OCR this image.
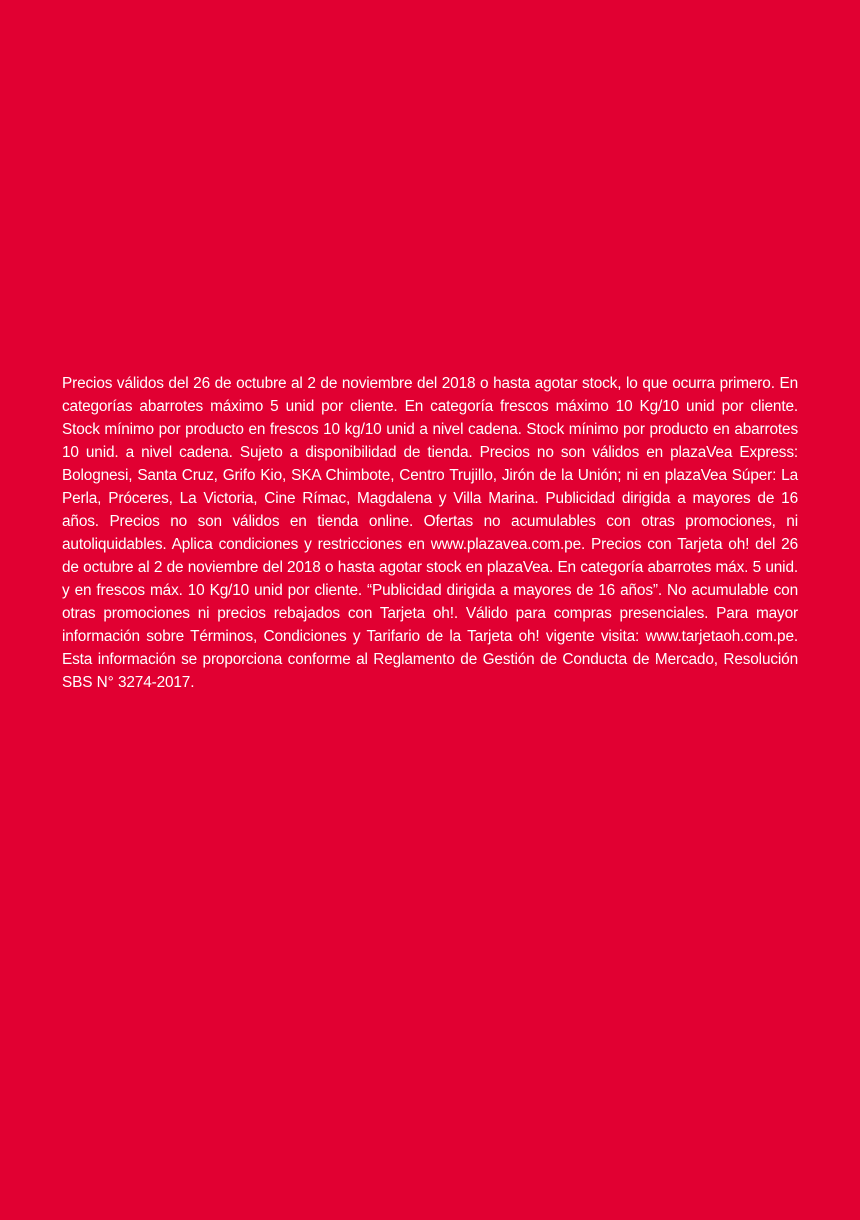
Precios válidos del 26 de octubre al 2 de noviembre del 2018 o hasta agotar stock, lo que ocurra primero. En categorías abarrotes máximo 5 unid por cliente. En categoría frescos máximo 10 Kg/10 unid por cliente. Stock mínimo por producto en frescos 10 kg/10 unid a nivel cadena. Stock mínimo por producto en abarrotes 10 unid. a nivel cadena. Sujeto a disponibilidad de tienda. Precios no son válidos en plazaVea Express: Bolognesi, Santa Cruz, Grifo Kio, SKA Chimbote, Centro Trujillo, Jirón de la Unión; ni en plazaVea Súper: La Perla, Próceres, La Victoria, Cine Rímac, Magdalena y Villa Marina. Publicidad dirigida a mayores de 16 años. Precios no son válidos en tienda online. Ofertas no acumulables con otras promociones, ni autoliquidables. Aplica condiciones y restricciones en www.plazavea.com.pe. Precios con Tarjeta oh! del 26 de octubre al 2 de noviembre del 2018 o hasta agotar stock en plazaVea. En categoría abarrotes máx. 5 unid. y en frescos máx. 10 Kg/10 unid por cliente. “Publicidad dirigida a mayores de 16 años”. No acumulable con otras promociones ni precios rebajados con Tarjeta oh!. Válido para compras presenciales. Para mayor información sobre Términos, Condiciones y Tarifario de la Tarjeta oh! vigente visita: www.tarjetaoh.com.pe. Esta información se proporciona conforme al Reglamento de Gestión de Conducta de Mercado, Resolución SBS N° 3274-2017.
